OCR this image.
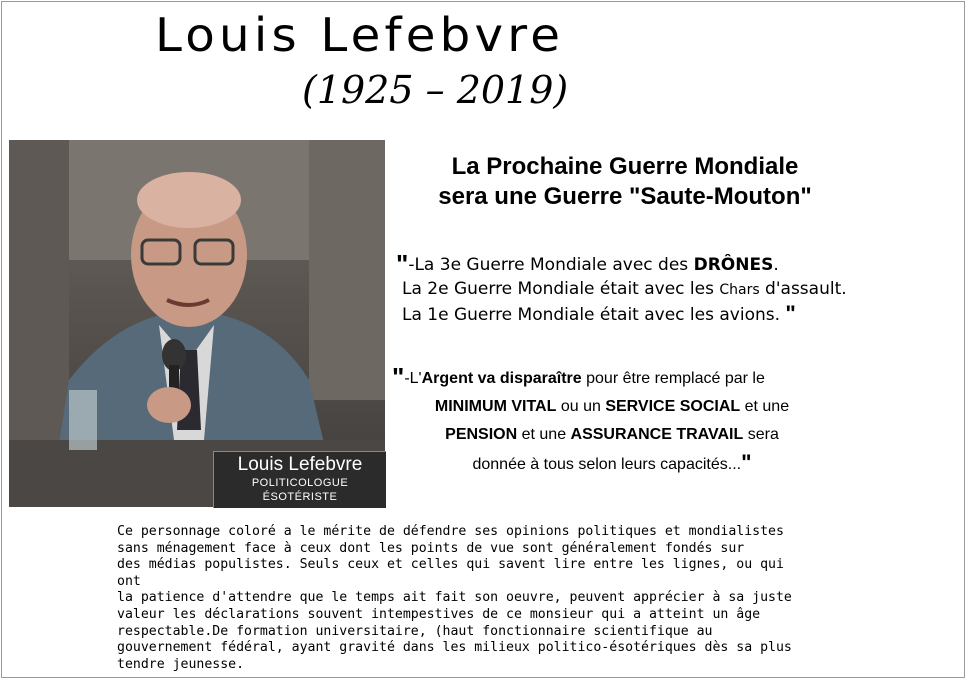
Louis Lefebvre
(1925 – 2019)
Louis Lefebvre
POLITICOLOGUE
ÉSOTÉRISTE
La Prochaine Guerre Mondiale
sera une Guerre "Saute-Mouton"
"-La 3e Guerre Mondiale avec des DRÔNES.
La 2e Guerre Mondiale était avec les Chars d'assault.
La 1e Guerre Mondiale était avec les avions. "
"-L'Argent va disparaître pour être remplacé par le
MINIMUM VITAL ou un SERVICE SOCIAL et une
PENSION et une ASSURANCE TRAVAIL sera
donnée à tous selon leurs capacités..."
Ce personnage coloré a le mérite de défendre ses opinions politiques et mondialistes
sans ménagement face à ceux dont les points de vue sont généralement fondés sur
des médias populistes. Seuls ceux et celles qui savent lire entre les lignes, ou qui ont
la patience d'attendre que le temps ait fait son oeuvre, peuvent apprécier à sa juste
valeur les déclarations souvent intempestives de ce monsieur qui a atteint un âge
respectable.De formation universitaire, (haut fonctionnaire scientifique au
gouvernement fédéral, ayant gravité dans les milieux politico-ésotériques dès sa plus
tendre jeunesse.
